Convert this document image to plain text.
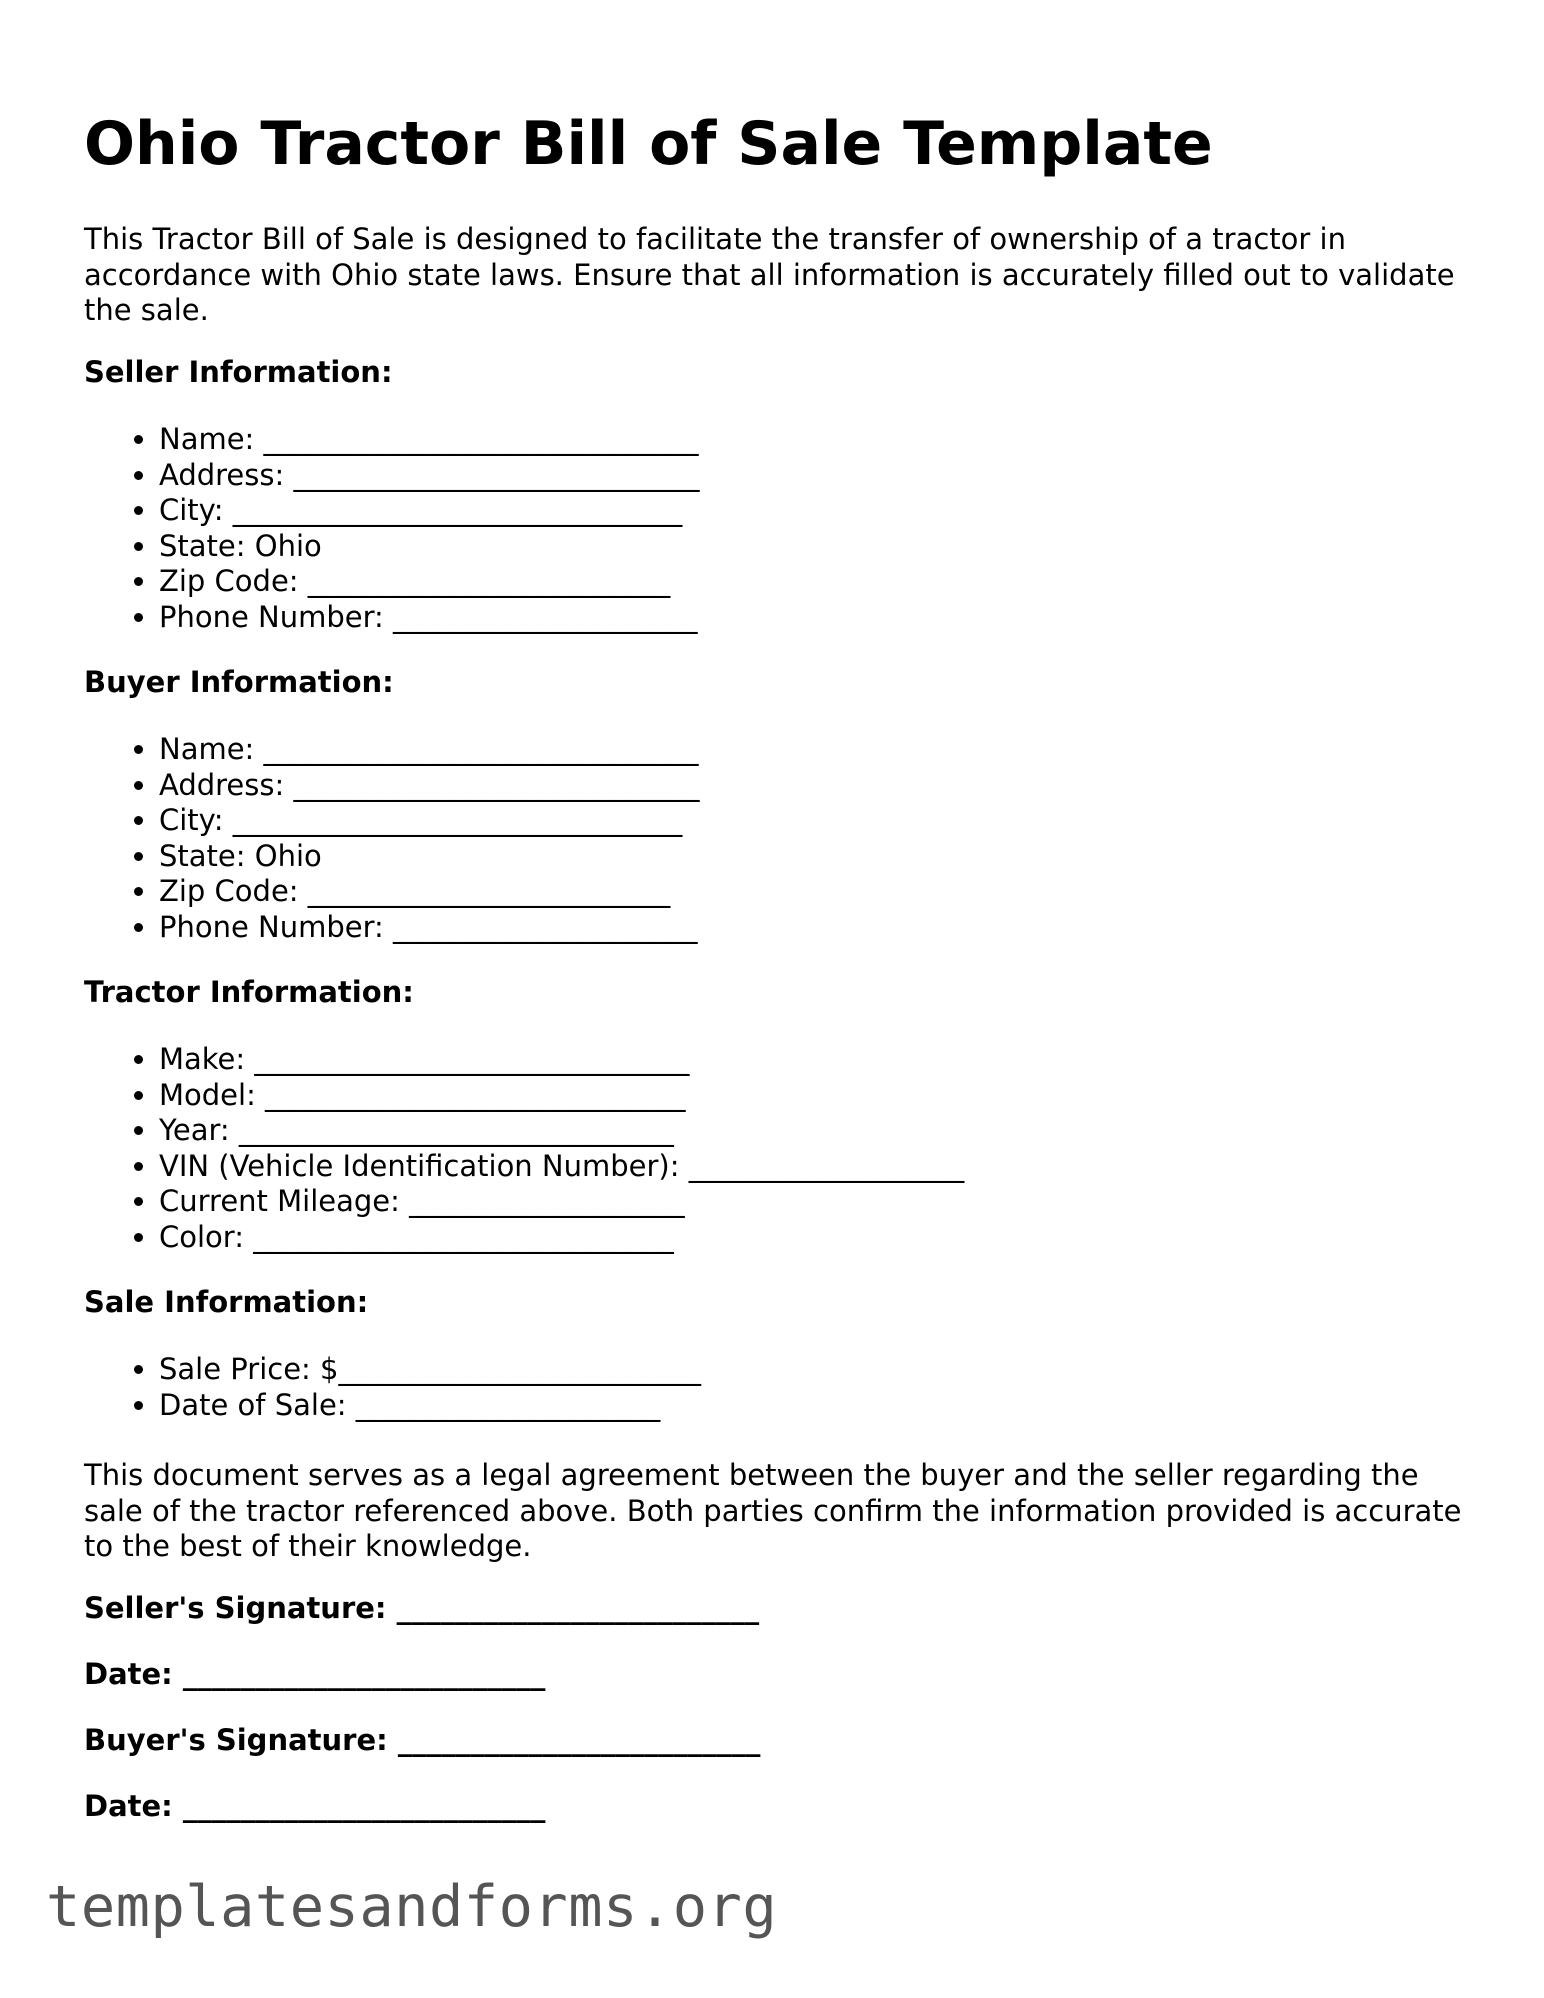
Ohio Tractor Bill of Sale Template

This Tractor Bill of Sale is designed to facilitate the transfer of ownership of a tractor in accordance with Ohio state laws. Ensure that all information is accurately filled out to validate the sale.

Seller Information:
• Name: ______________________________
• Address: ____________________________
• City: _______________________________
• State: Ohio
• Zip Code: _________________________
• Phone Number: _____________________
Buyer Information:
• Name: ______________________________
• Address: ____________________________
• City: _______________________________
• State: Ohio
• Zip Code: _________________________
• Phone Number: _____________________
Tractor Information:
• Make: ______________________________
• Model: _____________________________
• Year: ______________________________
• VIN (Vehicle Identification Number): ___________________
• Current Mileage: ___________________
• Color: _____________________________
Sale Information:
• Sale Price: $_________________________
• Date of Sale: _____________________

This document serves as a legal agreement between the buyer and the seller regarding the sale of the tractor referenced above. Both parties confirm the information provided is accurate to the best of their knowledge.

Seller's Signature: _________________________

Date: _________________________

Buyer's Signature: _________________________

Date: _________________________

templatesandforms.org
